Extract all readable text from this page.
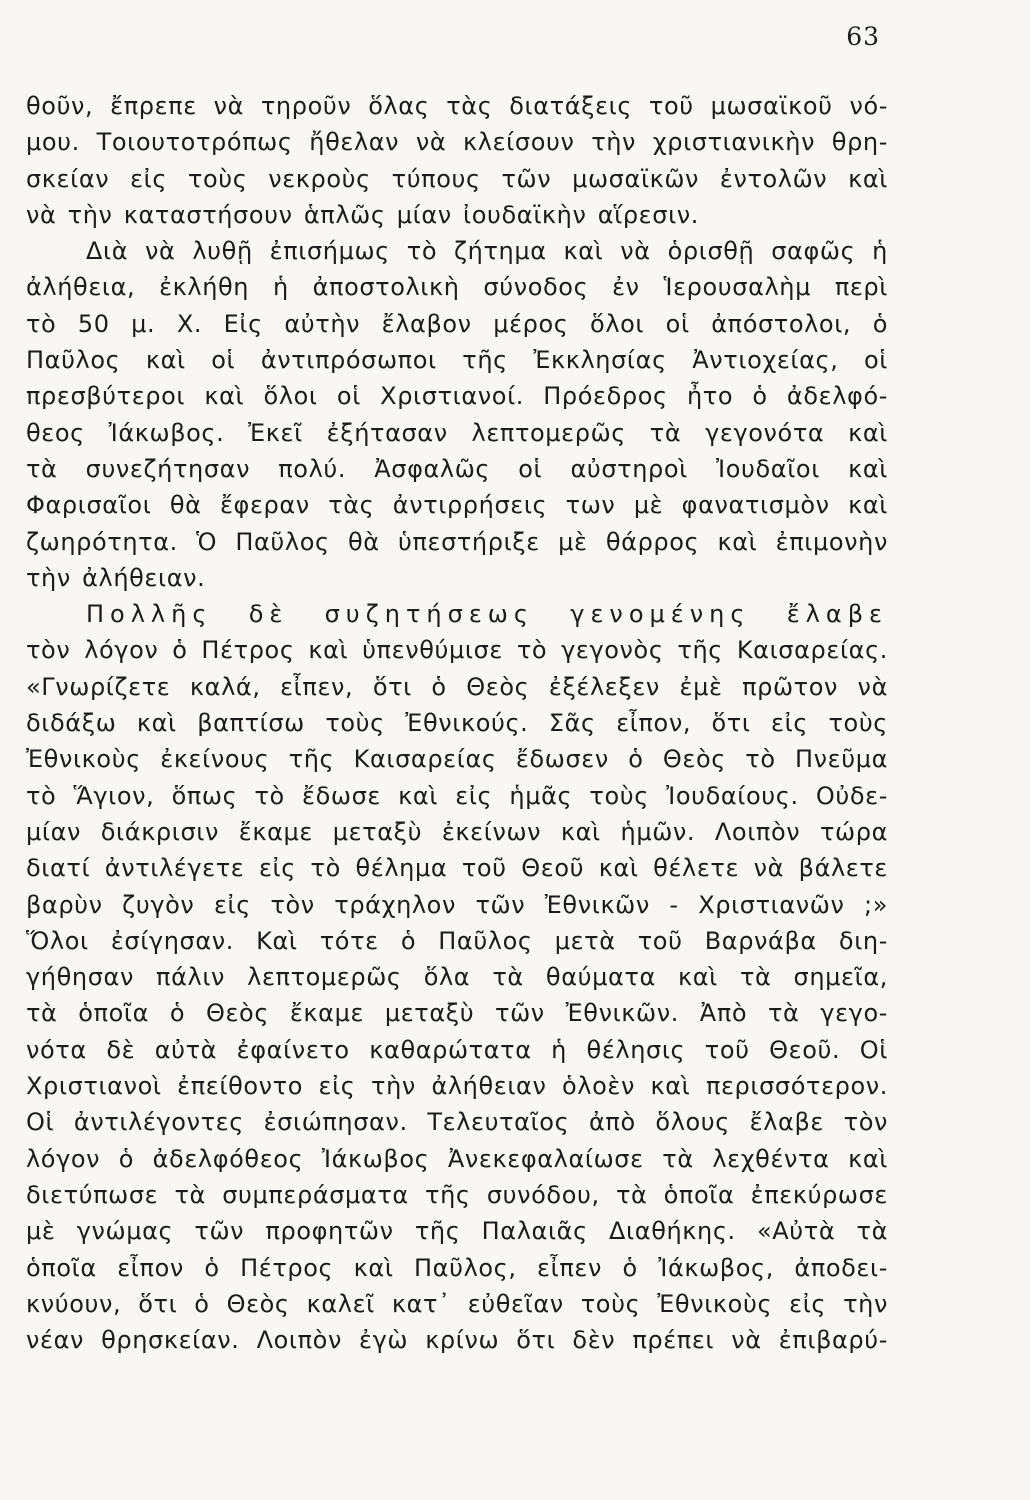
63
θοῦν, ἔπρεπε νὰ τηροῦν ὅλας τὰς διατάξεις τοῦ μωσαϊκοῦ νό-
μου. Τοιουτοτρόπως ἤθελαν νὰ κλείσουν τὴν χριστιανικὴν θρη-
σκείαν εἰς τοὺς νεκροὺς τύπους τῶν μωσαϊκῶν ἐντολῶν καὶ
νὰ τὴν καταστήσουν ἁπλῶς μίαν ἰουδαϊκὴν αἵρεσιν.
Διὰ νὰ λυθῇ ἐπισήμως τὸ ζήτημα καὶ νὰ ὁρισθῇ σαφῶς ἡ
ἀλήθεια, ἐκλήθη ἡ ἀποστολικὴ σύνοδος ἐν Ἱερουσαλὴμ περὶ
τὸ 50 μ. Χ. Εἰς αὐτὴν ἔλαβον μέρος ὅλοι οἱ ἀπόστολοι, ὁ
Παῦλος καὶ οἱ ἀντιπρόσωποι τῆς Ἐκκλησίας Ἀντιοχείας, οἱ
πρεσβύτεροι καὶ ὅλοι οἱ Χριστιανοί. Πρόεδρος ἦτο ὁ ἀδελφό-
θεος Ἰάκωβος. Ἐκεῖ ἐξήτασαν λεπτομερῶς τὰ γεγονότα καὶ
τὰ συνεζήτησαν πολύ. Ἀσφαλῶς οἱ αὐστηροὶ Ἰουδαῖοι καὶ
Φαρισαῖοι θὰ ἔφεραν τὰς ἀντιρρήσεις των μὲ φανατισμὸν καὶ
ζωηρότητα. Ὁ Παῦλος θὰ ὑπεστήριξε μὲ θάρρος καὶ ἐπιμονὴν
τὴν ἀλήθειαν.
Πολλῆς δὲ συζητήσεως γενομένης ἔλαβε
τὸν λόγον ὁ Πέτρος καὶ ὑπενθύμισε τὸ γεγονὸς τῆς Καισαρείας.
«Γνωρίζετε καλά, εἶπεν, ὅτι ὁ Θεὸς ἐξέλεξεν ἐμὲ πρῶτον νὰ
διδάξω καὶ βαπτίσω τοὺς Ἐθνικούς. Σᾶς εἶπον, ὅτι εἰς τοὺς
Ἐθνικοὺς ἐκείνους τῆς Καισαρείας ἔδωσεν ὁ Θεὸς τὸ Πνεῦμα
τὸ Ἅγιον, ὅπως τὸ ἔδωσε καὶ εἰς ἡμᾶς τοὺς Ἰουδαίους. Οὐδε-
μίαν διάκρισιν ἔκαμε μεταξὺ ἐκείνων καὶ ἡμῶν. Λοιπὸν τώρα
διατί ἀντιλέγετε εἰς τὸ θέλημα τοῦ Θεοῦ καὶ θέλετε νὰ βάλετε
βαρὺν ζυγὸν εἰς τὸν τράχηλον τῶν Ἐθνικῶν - Χριστιανῶν ;»
Ὅλοι ἐσίγησαν. Καὶ τότε ὁ Παῦλος μετὰ τοῦ Βαρνάβα διη-
γήθησαν πάλιν λεπτομερῶς ὅλα τὰ θαύματα καὶ τὰ σημεῖα,
τὰ ὁποῖα ὁ Θεὸς ἔκαμε μεταξὺ τῶν Ἐθνικῶν. Ἀπὸ τὰ γεγο-
νότα δὲ αὐτὰ ἐφαίνετο καθαρώτατα ἡ θέλησις τοῦ Θεοῦ. Οἱ
Χριστιανοὶ ἐπείθοντο εἰς τὴν ἀλήθειαν ὁλοὲν καὶ περισσότερον.
Οἱ ἀντιλέγοντες ἐσιώπησαν. Τελευταῖος ἀπὸ ὅλους ἔλαβε τὸν
λόγον ὁ ἀδελφόθεος Ἰάκωβος Ἀνεκεφαλαίωσε τὰ λεχθέντα καὶ
διετύπωσε τὰ συμπεράσματα τῆς συνόδου, τὰ ὁποῖα ἐπεκύρωσε
μὲ γνώμας τῶν προφητῶν τῆς Παλαιᾶς Διαθήκης. «Αὐτὰ τὰ
ὁποῖα εἶπον ὁ Πέτρος καὶ Παῦλος, εἶπεν ὁ Ἰάκωβος, ἀποδει-
κνύουν, ὅτι ὁ Θεὸς καλεῖ κατ᾿ εὐθεῖαν τοὺς Ἐθνικοὺς εἰς τὴν
νέαν θρησκείαν. Λοιπὸν ἐγὼ κρίνω ὅτι δὲν πρέπει νὰ ἐπιβαρύ-
